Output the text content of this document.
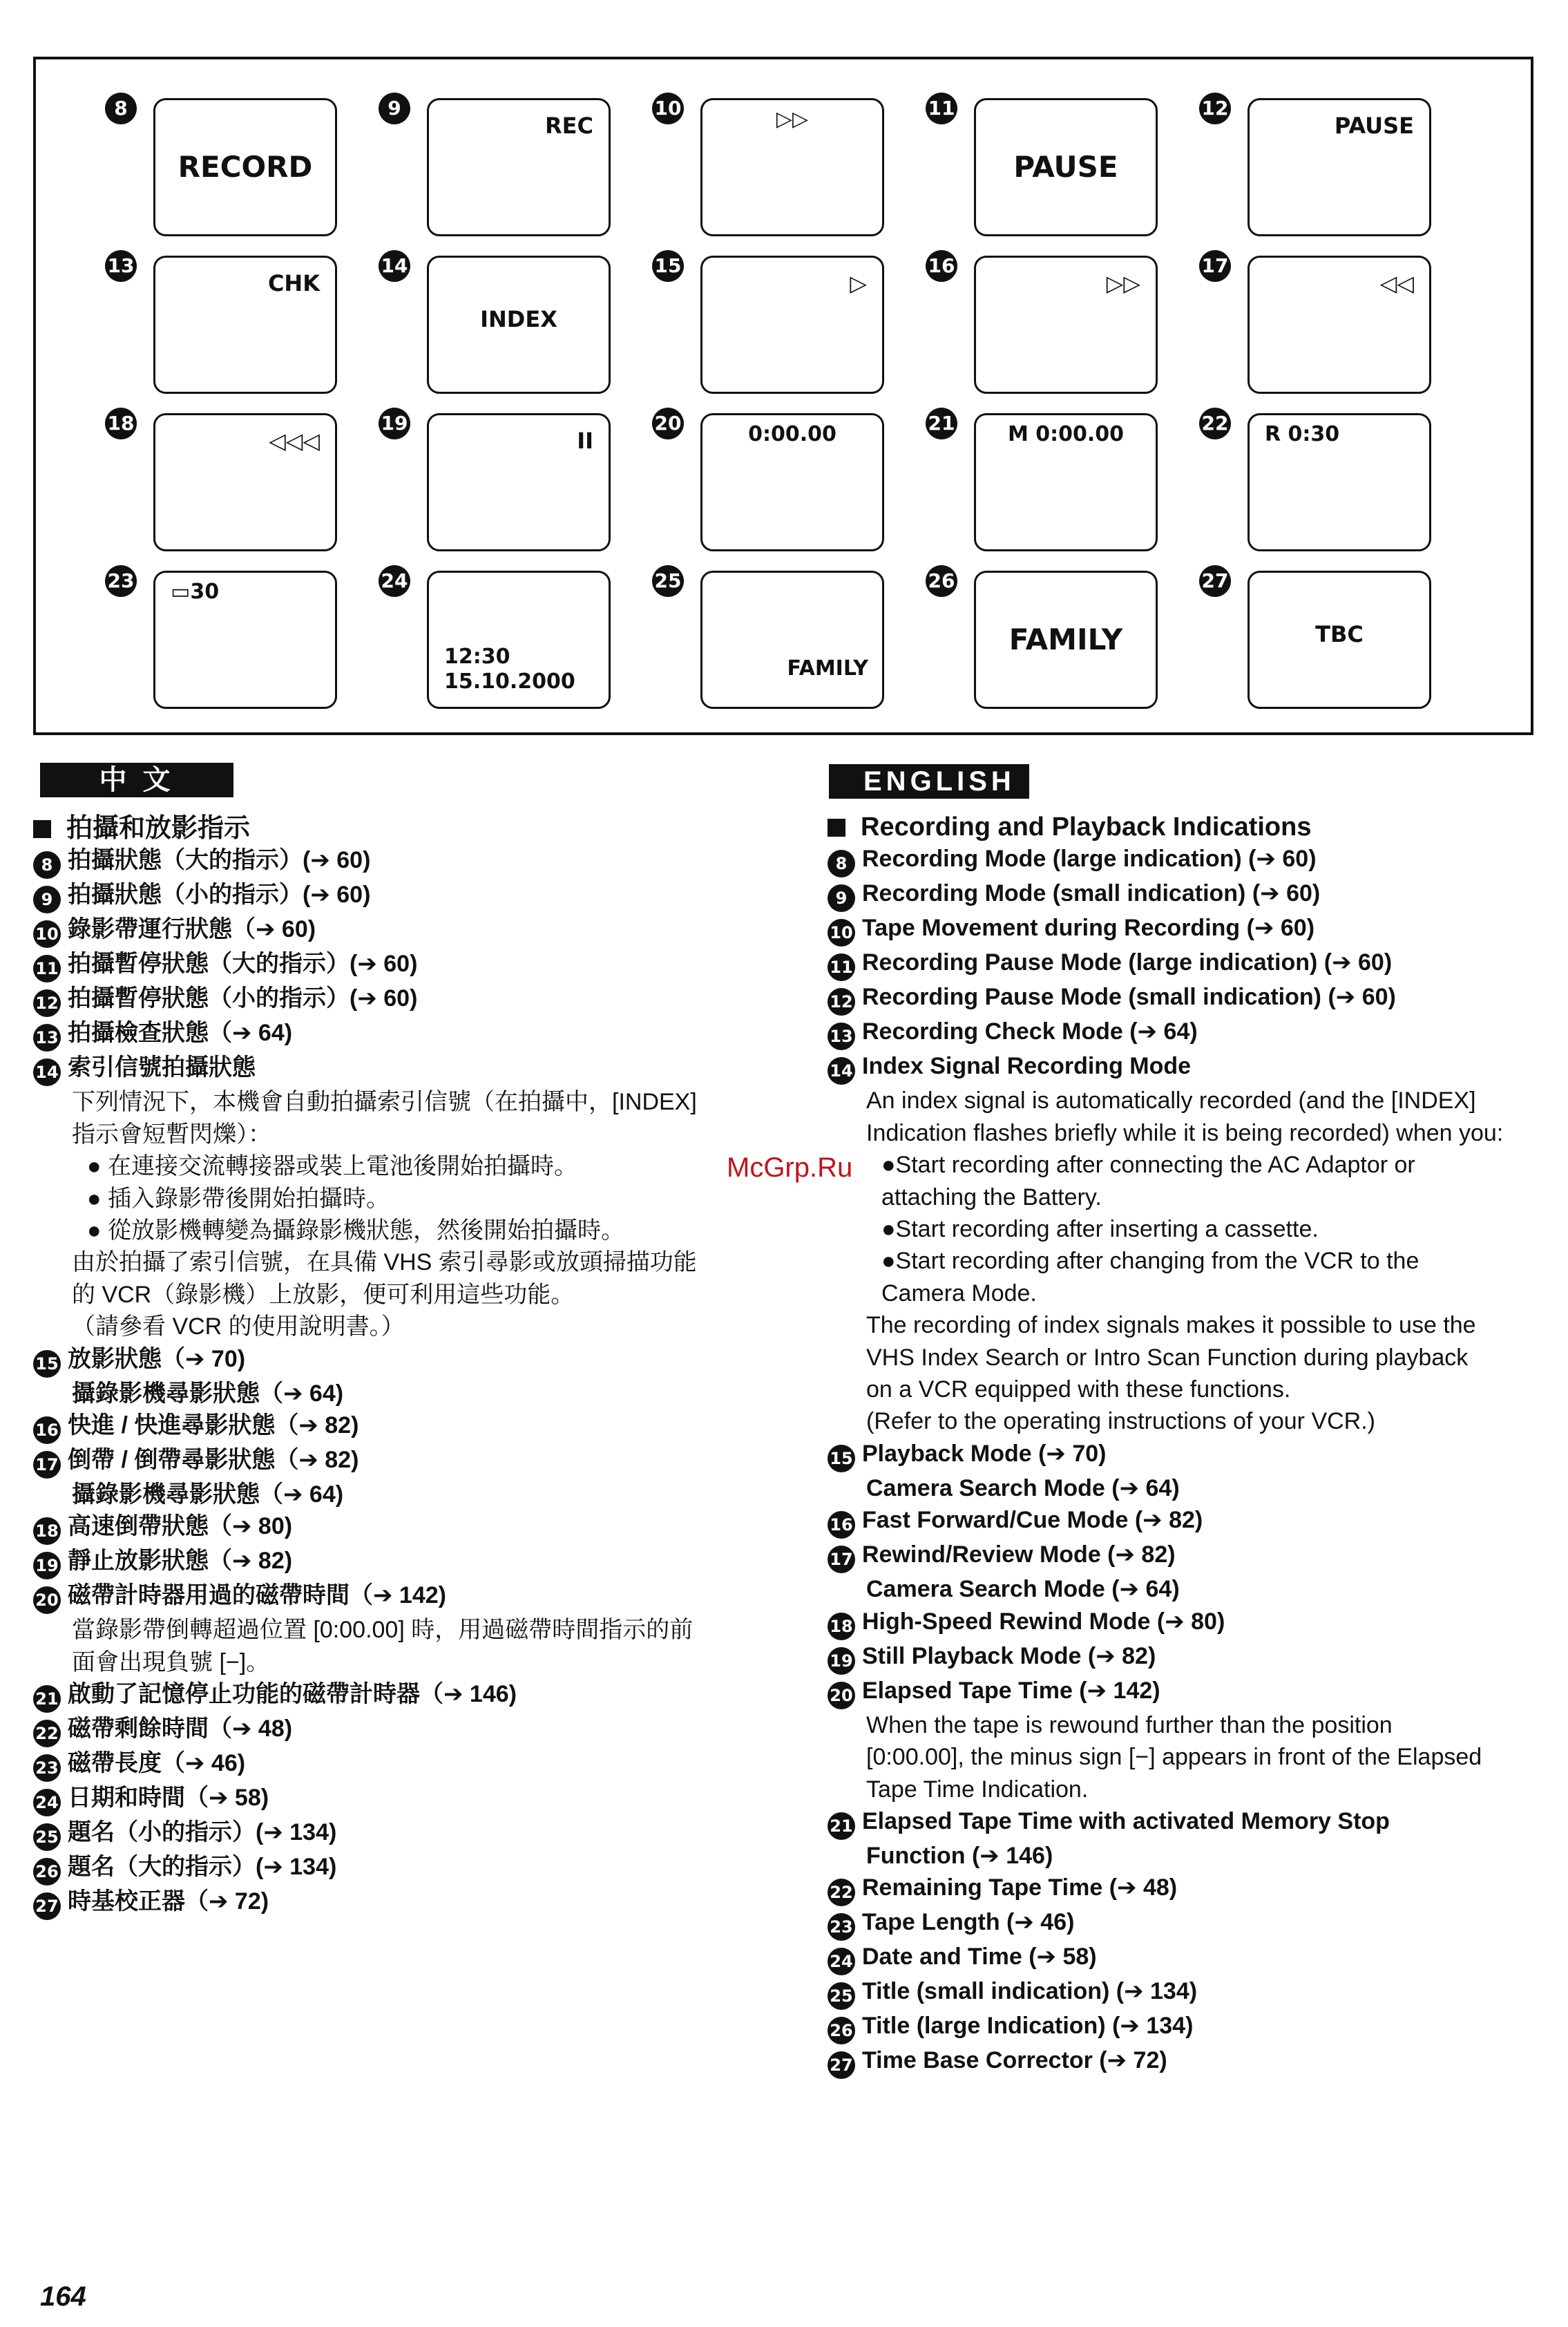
8
RECORD
9
REC
10	▷▷	11
PAUSE
12
PAUSE
13
CHK
14
INDEX
15
▷
16
▷▷
17
◁◁
18
◁◁◁
19
II
20	0:00.00	21	M 0:00.00	22 R 0:30
23 ▭30	24
12:30
15.10.2000
25
FAMILY
26
FAMILY
27
TBC
中 文
拍攝和放影指示
8 拍攝狀態（大的指示）(➔ 60)
9 拍攝狀態（小的指示）(➔ 60)
10 錄影帶運行狀態（➔ 60)
11 拍攝暫停狀態（大的指示）(➔ 60)
12 拍攝暫停狀態（小的指示）(➔ 60)
13 拍攝檢查狀態（➔ 64)
14 索引信號拍攝狀態
下列情況下，本機會自動拍攝索引信號（在拍攝中，[INDEX]
指示會短暫閃爍）：
● 在連接交流轉接器或裝上電池後開始拍攝時。
● 插入錄影帶後開始拍攝時。
● 從放影機轉變為攝錄影機狀態，然後開始拍攝時。
由於拍攝了索引信號，在具備 VHS 索引尋影或放頭掃描功能
的 VCR（錄影機）上放影，便可利用這些功能。
（請參看 VCR 的使用說明書。）
15 放影狀態（➔ 70)
攝錄影機尋影狀態（➔ 64)
16 快進 / 快進尋影狀態（➔ 82)
17 倒帶 / 倒帶尋影狀態（➔ 82)
攝錄影機尋影狀態（➔ 64)
18 高速倒帶狀態（➔ 80)
19 靜止放影狀態（➔ 82)
20 磁帶計時器用過的磁帶時間（➔ 142)
當錄影帶倒轉超過位置 [0:00.00] 時，用過磁帶時間指示的前
面會出現負號 [−]。
21 啟動了記憶停止功能的磁帶計時器（➔ 146)
22 磁帶剩餘時間（➔ 48)
23 磁帶長度（➔ 46)
24 日期和時間（➔ 58)
25 題名（小的指示）(➔ 134)
26 題名（大的指示）(➔ 134)
27 時基校正器（➔ 72)
ENGLISH
Recording and Playback Indications
8 Recording Mode (large indication) (➔ 60)
9 Recording Mode (small indication) (➔ 60)
10 Tape Movement during Recording (➔ 60)
11 Recording Pause Mode (large indication) (➔ 60)
12 Recording Pause Mode (small indication) (➔ 60)
13 Recording Check Mode (➔ 64)
14 Index Signal Recording Mode
An index signal is automatically recorded (and the [INDEX]
Indication flashes briefly while it is being recorded) when you:
●Start recording after connecting the AC Adaptor or
attaching the Battery.
●Start recording after inserting a cassette.
●Start recording after changing from the VCR to the
Camera Mode.
The recording of index signals makes it possible to use the
VHS Index Search or Intro Scan Function during playback
on a VCR equipped with these functions.
(Refer to the operating instructions of your VCR.)
15 Playback Mode (➔ 70)
Camera Search Mode (➔ 64)
16 Fast Forward/Cue Mode (➔ 82)
17 Rewind/Review Mode (➔ 82)
Camera Search Mode (➔ 64)
18 High-Speed Rewind Mode (➔ 80)
19 Still Playback Mode (➔ 82)
20 Elapsed Tape Time (➔ 142)
When the tape is rewound further than the position
[0:00.00], the minus sign [−] appears in front of the Elapsed
Tape Time Indication.
21 Elapsed Tape Time with activated Memory Stop
Function (➔ 146)
22 Remaining Tape Time (➔ 48)
23 Tape Length (➔ 46)
24 Date and Time (➔ 58)
25 Title (small indication) (➔ 134)
26 Title (large Indication) (➔ 134)
27 Time Base Corrector (➔ 72)
McGrp.Ru
164
